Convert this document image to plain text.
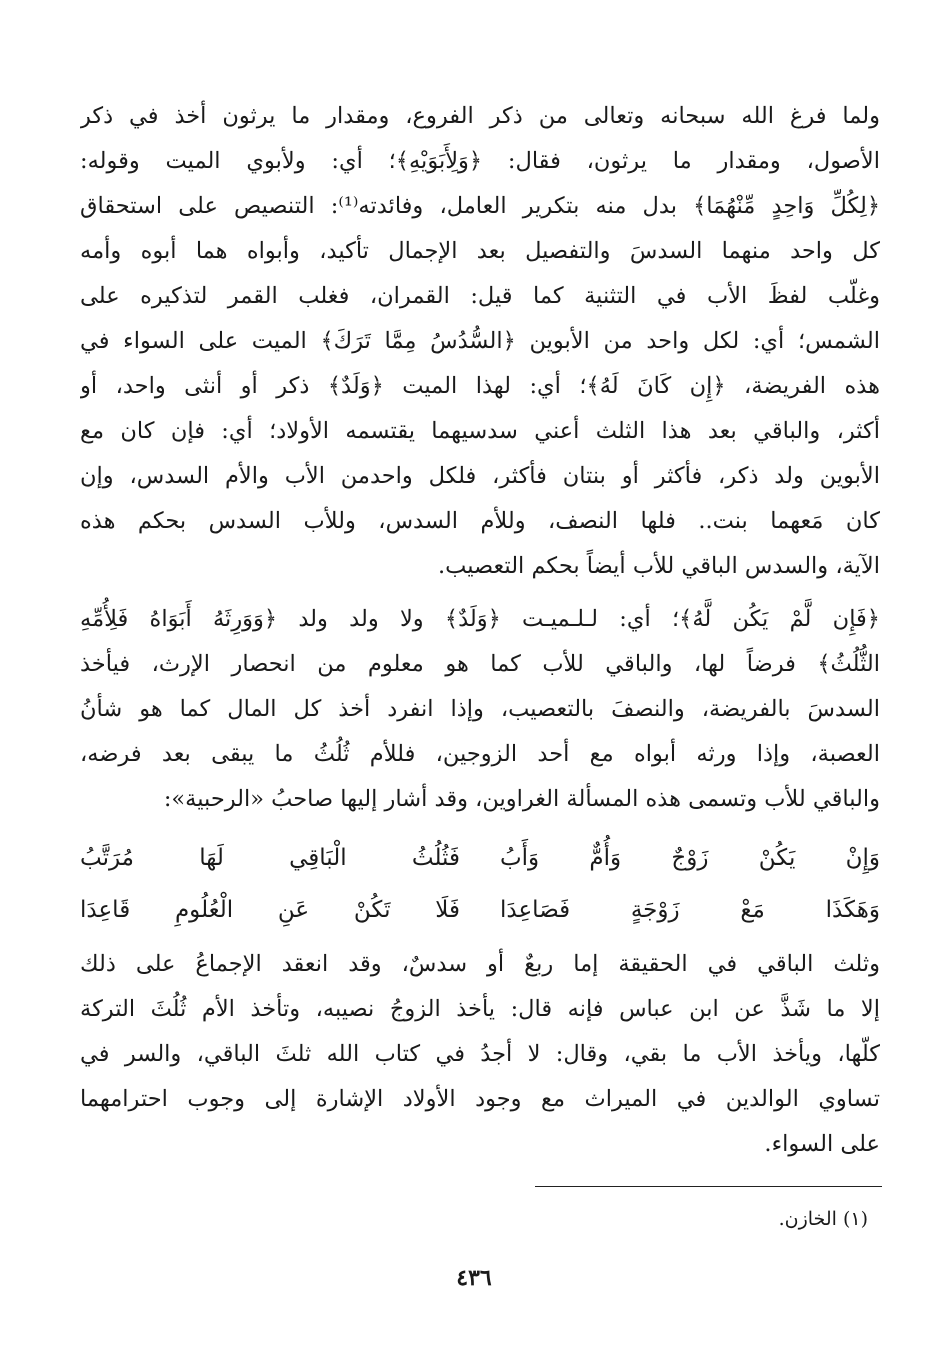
ولما فرغ الله سبحانه وتعالى من ذكر الفروع، ومقدار ما يرثون أخذ في ذكر
الأصول، ومقدار ما يرثون، فقال: ﴿وَلِأَبَوَيْهِ﴾؛ أي: ولأبوي الميت وقوله:
﴿لِكُلِّ وَاحِدٍ مِّنْهُمَا﴾ بدل منه بتكرير العامل، وفائدته⁽¹⁾: التنصيص على استحقاق
كل واحد منهما السدسَ والتفصيل بعد الإجمال تأكيد، وأبواه هما أبوه وأمه
وغلّب لفظَ الأب في التثنية كما قيل: القمران، فغلب القمر لتذكيره على
الشمس؛ أي: لكل واحد من الأبوين ﴿السُّدُسُ مِمَّا تَرَكَ﴾ الميت على السواء في
هذه الفريضة، ﴿إِن كَانَ لَهُ﴾؛ أي: لهذا الميت ﴿وَلَدٌ﴾ ذكر أو أنثى واحد، أو
أكثر، والباقي بعد هذا الثلث أعني سدسيهما يقتسمه الأولاد؛ أي: فإن كان مع
الأبوين ولد ذكر، فأكثر أو بنتان فأكثر، فلكل واحدمن الأب والأم السدس، وإن
كان مَعهما بنت.. فلها النصف، وللأم السدس، وللأب السدس بحكم هذه
الآية، والسدس الباقي للأب أيضاً بحكم التعصيب.
﴿فَإِن لَّمْ يَكُن لَّهُ﴾؛ أي: لـلـميـت ﴿وَلَدٌ﴾ ولا ولد ولد ﴿وَوَرِثَهُ أَبَوَاهُ فَلِأُمِّهِ
الثُّلُثُ﴾ فرضاً لها، والباقي للأب كما هو معلوم من انحصار الإرث، فيأخذ
السدسَ بالفريضة، والنصفَ بالتعصيب، وإذا انفرد أخذ كل المال كما هو شأنُ
العصبة، وإذا ورثه أبواه مع أحد الزوجين، فللأم ثُلُثُ ما يبقى بعد فرضه،
والباقي للأب وتسمى هذه المسألة الغراوين، وقد أشار إليها صاحبُ «الرحبية»:
وَإِنْ يَكُنْ زَوْجٌ وَأُمٌّ وَأَبُ
فَثُلُثُ الْبَاقِي لَهَا مُرَتَّبُ
وَهَكَذَا مَعْ زَوْجَةٍ فَصَاعِدَا
فَلَا تَكُنْ عَنِ الْعُلُومِ قَاعِدَا
وثلث الباقي في الحقيقة إما ربعٌ أو سدسٌ، وقد انعقد الإجماعُ على ذلك
إلا ما شَذَّ عن ابن عباس فإنه قال: يأخذ الزوجُ نصيبه، وتأخذ الأم ثُلُثَ التركة
كلّها، ويأخذ الأب ما بقي، وقال: لا أجدُ في كتاب الله ثلثَ الباقي، والسر في
تساوي الوالدين في الميراث مع وجود الأولاد الإشارة إلى وجوب احترامهما
على السواء.
(١) الخازن.
٤٣٦
